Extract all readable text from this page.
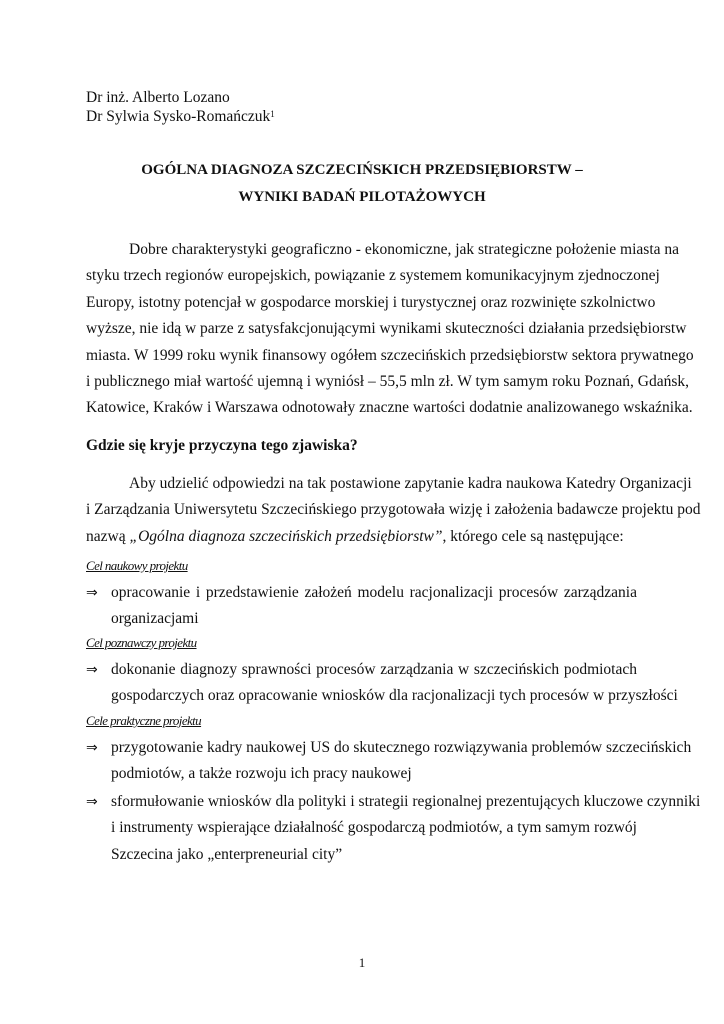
Dr inż. Alberto Lozano
Dr Sylwia Sysko-Romańczuk$^1$
OGÓLNA DIAGNOZA SZCZECIŃSKICH PRZEDSIĘBIORSTW –
WYNIKI BADAŃ PILOTAŻOWYCH
Dobre charakterystyki geograficzno - ekonomiczne, jak strategiczne położenie miasta na
styku trzech regionów europejskich, powiązanie z systemem komunikacyjnym zjednoczonej
Europy, istotny potencjał w gospodarce morskiej i turystycznej oraz rozwinięte szkolnictwo
wyższe, nie idą w parze z satysfakcjonującymi wynikami skuteczności działania przedsiębiorstw
miasta. W 1999 roku wynik finansowy ogółem szczecińskich przedsiębiorstw sektora prywatnego
i publicznego miał wartość ujemną i wyniósł – 55,5 mln zł. W tym samym roku Poznań, Gdańsk,
Katowice, Kraków i Warszawa odnotowały znaczne wartości dodatnie analizowanego wskaźnika.
Gdzie się kryje przyczyna tego zjawiska?
Aby udzielić odpowiedzi na tak postawione zapytanie kadra naukowa Katedry Organizacji
i Zarządzania Uniwersytetu Szczecińskiego przygotowała wizję i założenia badawcze projektu pod
nazwą „Ogólna diagnoza szczecińskich przedsiębiorstw”, którego cele są następujące:
Cel naukowy projektu
⇒ opracowanie i przedstawienie założeń modelu racjonalizacji procesów zarządzania
organizacjami
Cel poznawczy projektu
⇒ dokonanie diagnozy sprawności procesów zarządzania w szczecińskich podmiotach
gospodarczych oraz opracowanie wniosków dla racjonalizacji tych procesów w przyszłości
Cele praktyczne projektu
⇒ przygotowanie kadry naukowej US do skutecznego rozwiązywania problemów szczecińskich
podmiotów, a także rozwoju ich pracy naukowej
⇒ sformułowanie wniosków dla polityki i strategii regionalnej prezentujących kluczowe czynniki
i instrumenty wspierające działalność gospodarczą podmiotów, a tym samym rozwój
Szczecina jako „enterpreneurial city”
1
